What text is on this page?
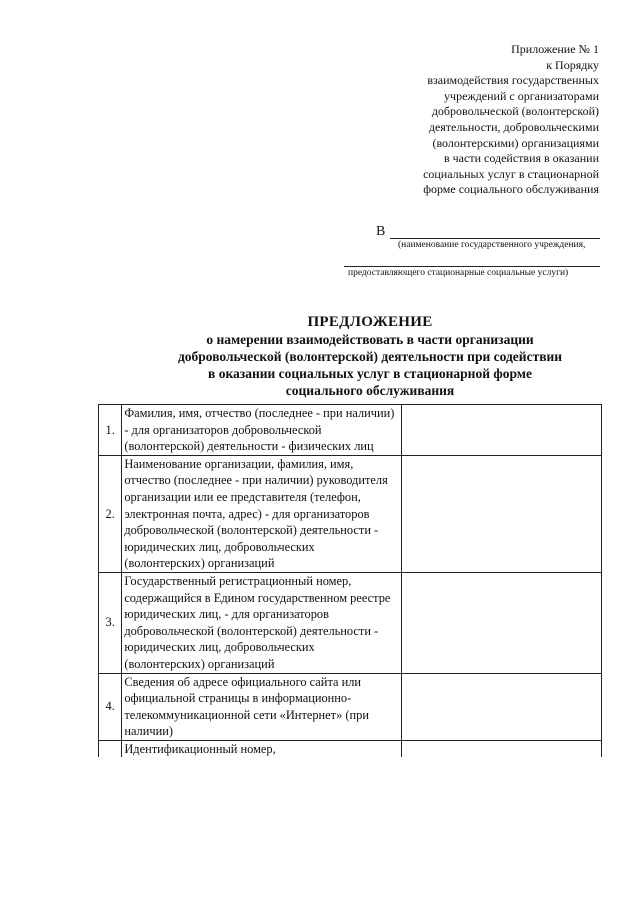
Приложение № 1
к Порядку
взаимодействия государственных
учреждений с организаторами
добровольческой (волонтерской)
деятельности, добровольческими
(волонтерскими) организациями
в части содействия в оказании
социальных услуг в стационарной
форме социального обслуживания
В
(наименование государственного учреждения,
предоставляющего стационарные социальные услуги)
ПРЕДЛОЖЕНИЕ
о намерении взаимодействовать в части организации
добровольческой (волонтерской) деятельности при содействии
в оказании социальных услуг в стационарной форме
социального обслуживания
1.	Фамилия, имя, отчество (последнее - при наличии) - для организаторов добровольческой (волонтерской) деятельности - физических лиц	
2.	Наименование организации, фамилия, имя, отчество (последнее - при наличии) руководителя организации или ее представителя (телефон, электронная почта, адрес) - для организаторов добровольческой (волонтерской) деятельности - юридических лиц, добровольческих (волонтерских) организаций	
3.	Государственный регистрационный номер, содержащийся в Едином государственном реестре юридических лиц, - для организаторов добровольческой (волонтерской) деятельности - юридических лиц, добровольческих (волонтерских) организаций	
4.	Сведения об адресе официального сайта или официальной страницы в информационно-телекоммуникационной сети «Интернет» (при наличии)	
	Идентификационный номер,	
